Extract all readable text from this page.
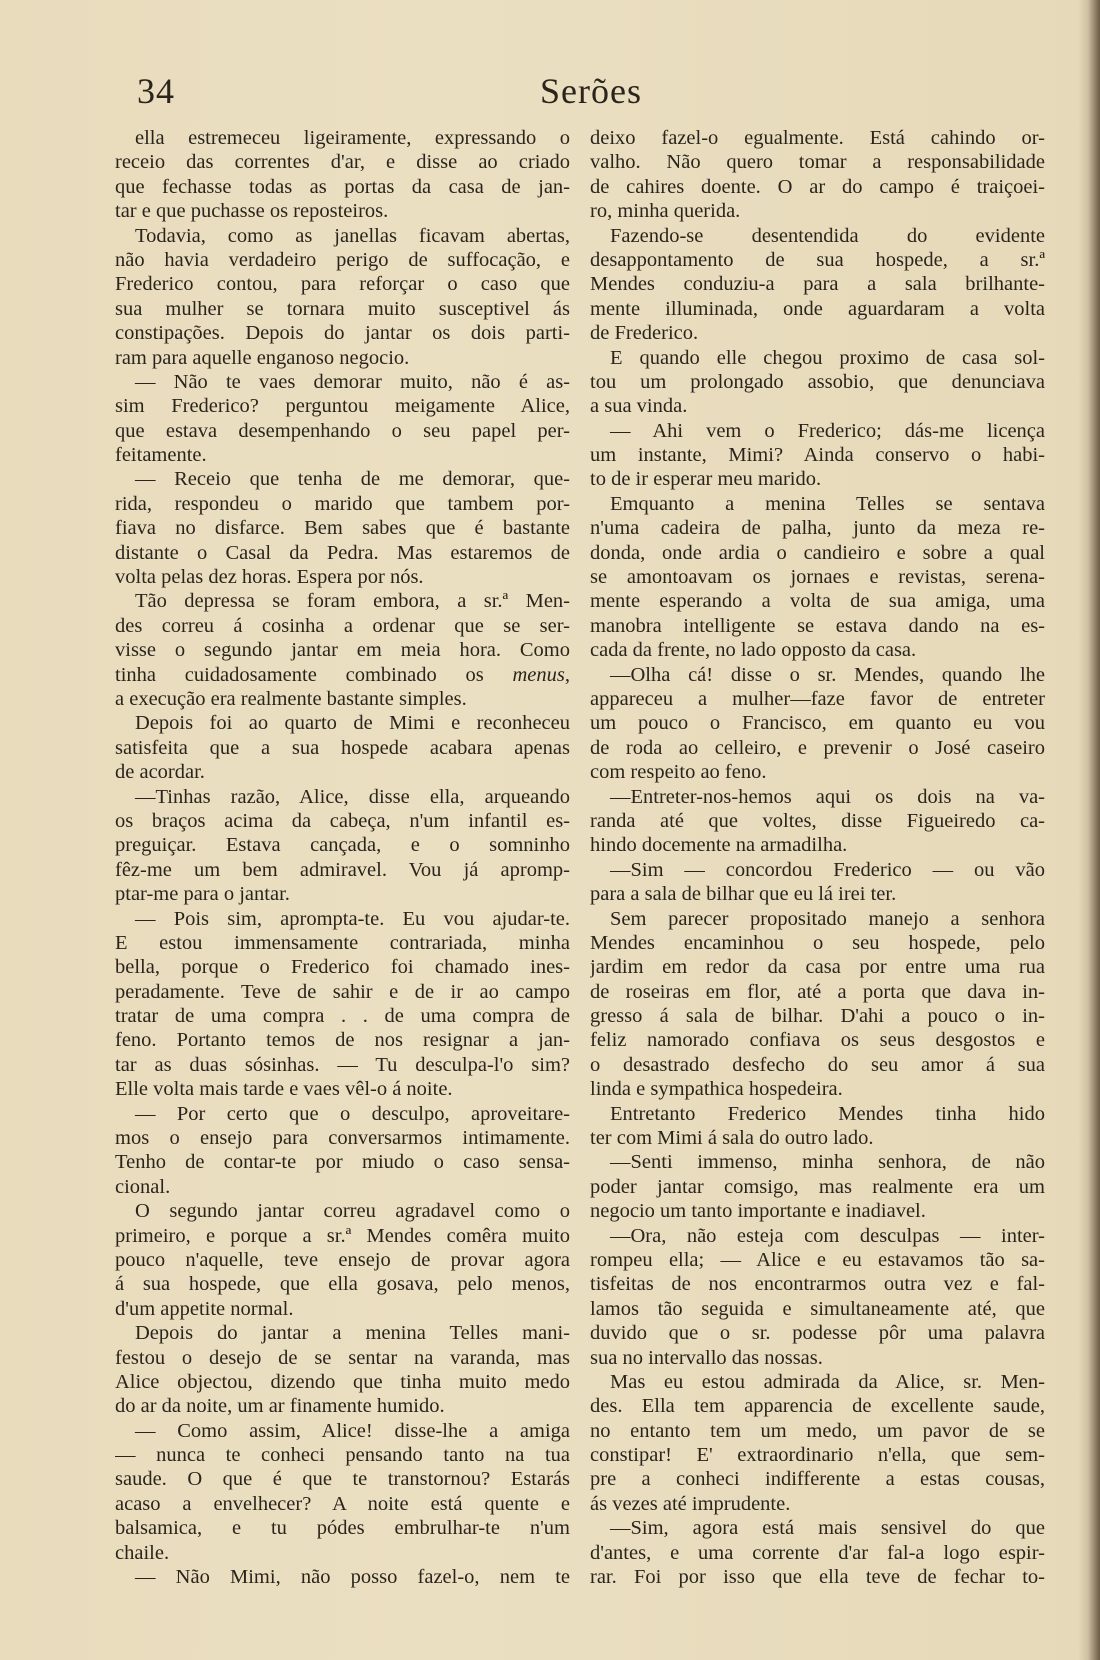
34	Serões
ella estremeceu ligeiramente, expressando o
receio das correntes d'ar, e disse ao criado
que fechasse todas as portas da casa de jan-
tar e que puchasse os reposteiros.
Todavia, como as janellas ficavam abertas,
não havia verdadeiro perigo de suffocação, e
Frederico contou, para reforçar o caso que
sua mulher se tornara muito susceptivel ás
constipações. Depois do jantar os dois parti-
ram para aquelle enganoso negocio.
— Não te vaes demorar muito, não é as-
sim Frederico? perguntou meigamente Alice,
que estava desempenhando o seu papel per-
feitamente.
— Receio que tenha de me demorar, que-
rida, respondeu o marido que tambem por-
fiava no disfarce. Bem sabes que é bastante
distante o Casal da Pedra. Mas estaremos de
volta pelas dez horas. Espera por nós.
Tão depressa se foram embora, a sr.ª Men-
des correu á cosinha a ordenar que se ser-
visse o segundo jantar em meia hora. Como
tinha cuidadosamente combinado os menus,
a execução era realmente bastante simples.
Depois foi ao quarto de Mimi e reconheceu
satisfeita que a sua hospede acabara apenas
de acordar.
—Tinhas razão, Alice, disse ella, arqueando
os braços acima da cabeça, n'um infantil es-
preguiçar. Estava cançada, e o somninho
fêz-me um bem admiravel. Vou já apromp-
ptar-me para o jantar.
— Pois sim, apromptа-te. Eu vou ajudar-te.
E estou immensamente contrariada, minha
bella, porque o Frederico foi chamado ines-
peradamente. Teve de sahir e de ir ao campo
tratar de uma compra . . de uma compra de
feno. Portanto temos de nos resignar a jan-
tar as duas sósinhas. — Tu desculpa-l'o sim?
Elle volta mais tarde e vaes vêl-o á noite.
— Por certo que o desculpo, aproveitare-
mos o ensejo para conversarmos intimamente.
Tenho de contar-te por miudo o caso sensa-
cional.
O segundo jantar correu agradavel como o
primeiro, e porque a sr.ª Mendes comêra muito
pouco n'aquelle, teve ensejo de provar agora
á sua hospede, que ella gosava, pelo menos,
d'um appetite normal.
Depois do jantar a menina Telles mani-
festou o desejo de se sentar na varanda, mas
Alice objectou, dizendo que tinha muito medo
do ar da noite, um ar finamente humido.
— Como assim, Alice! disse-lhe a amiga
— nunca te conheci pensando tanto na tua
saude. O que é que te transtornou? Estarás
acaso a envelhecer? A noite está quente e
balsamica, e tu pódes embrulhar-te n'um
chaile.
— Não Mimi, não posso fazel-o, nem te
deixo fazel-o egualmente. Está cahindo or-
valho. Não quero tomar a responsabilidade
de cahires doente. O ar do campo é traiçoei-
ro, minha querida.
Fazendo-se desentendida do evidente
desappontamento de sua hospede, a sr.ª
Mendes conduziu-a para a sala brilhante-
mente illuminada, onde aguardaram a volta
de Frederico.
E quando elle chegou proximo de casa sol-
tou um prolongado assobio, que denunciava
a sua vinda.
— Ahi vem o Frederico; dás-me licença
um instante, Mimi? Ainda conservo o habi-
to de ir esperar meu marido.
Emquanto a menina Telles se sentava
n'uma cadeira de palha, junto da meza re-
donda, onde ardia o candieiro e sobre a qual
se amontoavam os jornaes e revistas, serena-
mente esperando a volta de sua amiga, uma
manobra intelligente se estava dando na es-
cada da frente, no lado opposto da casa.
—Olha cá! disse o sr. Mendes, quando lhe
appareceu a mulher—faze favor de entreter
um pouco o Francisco, em quanto eu vou
de roda ao celleiro, e prevenir o José caseiro
com respeito ao feno.
—Entreter-nos-hemos aqui os dois na va-
randa até que voltes, disse Figueiredo ca-
hindo docemente na armadilha.
—Sim — concordou Frederico — ou vão
para a sala de bilhar que eu lá irei ter.
Sem parecer propositado manejo a senhora
Mendes encaminhou o seu hospede, pelo
jardim em redor da casa por entre uma rua
de roseiras em flor, até a porta que dava in-
gresso á sala de bilhar. D'ahi a pouco o in-
feliz namorado confiava os seus desgostos e
o desastrado desfecho do seu amor á sua
linda e sympathica hospedeira.
Entretanto Frederico Mendes tinha hido
ter com Mimi á sala do outro lado.
—Senti immenso, minha senhora, de não
poder jantar comsigo, mas realmente era um
negocio um tanto importante e inadiavel.
—Ora, não esteja com desculpas — inter-
rompeu ella; — Alice e eu estavamos tão sa-
tisfeitas de nos encontrarmos outra vez e fal-
lamos tão seguida e simultaneamente até, que
duvido que o sr. podesse pôr uma palavra
sua no intervallo das nossas.
Mas eu estou admirada da Alice, sr. Men-
des. Ella tem apparencia de excellente saude,
no entanto tem um medo, um pavor de se
constipar! E' extraordinario n'ella, que sem-
pre a conheci indifferente a estas cousas,
ás vezes até imprudente.
—Sim, agora está mais sensivel do que
d'antes, e uma corrente d'ar fal-a logo espir-
rar. Foi por isso que ella teve de fechar to-
